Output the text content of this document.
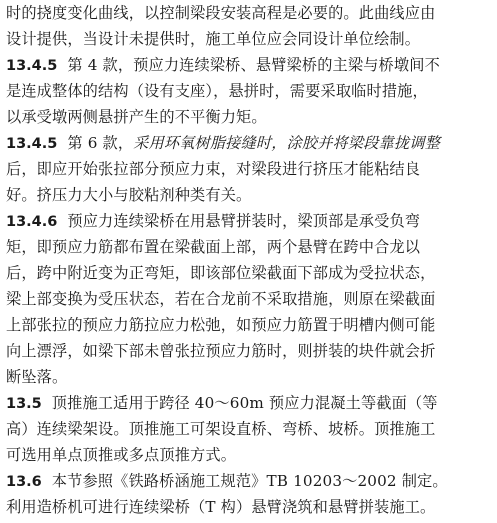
时的挠度变化曲线，以控制梁段安装高程是必要的。此曲线应由
设计提供，当设计未提供时，施工单位应会同设计单位绘制。
13.4.5 第 4 款，预应力连续梁桥、悬臂梁桥的主梁与桥墩间不
是连成整体的结构（设有支座），悬拼时，需要采取临时措施，
以承受墩两侧悬拼产生的不平衡力矩。
13.4.5 第 6 款，采用环氧树脂接缝时，涂胶并将梁段靠拢调整
后，即应开始张拉部分预应力束，对梁段进行挤压才能粘结良
好。挤压力大小与胶粘剂种类有关。
13.4.6 预应力连续梁桥在用悬臂拼装时，梁顶部是承受负弯
矩，即预应力筋都布置在梁截面上部，两个悬臂在跨中合龙以
后，跨中附近变为正弯矩，即该部位梁截面下部成为受拉状态，
梁上部变换为受压状态，若在合龙前不采取措施，则原在梁截面
上部张拉的预应力筋拉应力松弛，如预应力筋置于明槽内侧可能
向上漂浮，如梁下部未曾张拉预应力筋时，则拼装的块件就会折
断坠落。
13.5 顶推施工适用于跨径 40～60m 预应力混凝土等截面（等
高）连续梁架设。顶推施工可架设直桥、弯桥、坡桥。顶推施工
可选用单点顶推或多点顶推方式。
13.6 本节参照《铁路桥涵施工规范》TB 10203～2002 制定。
利用造桥机可进行连续梁桥（T 构）悬臂浇筑和悬臂拼装施工。
